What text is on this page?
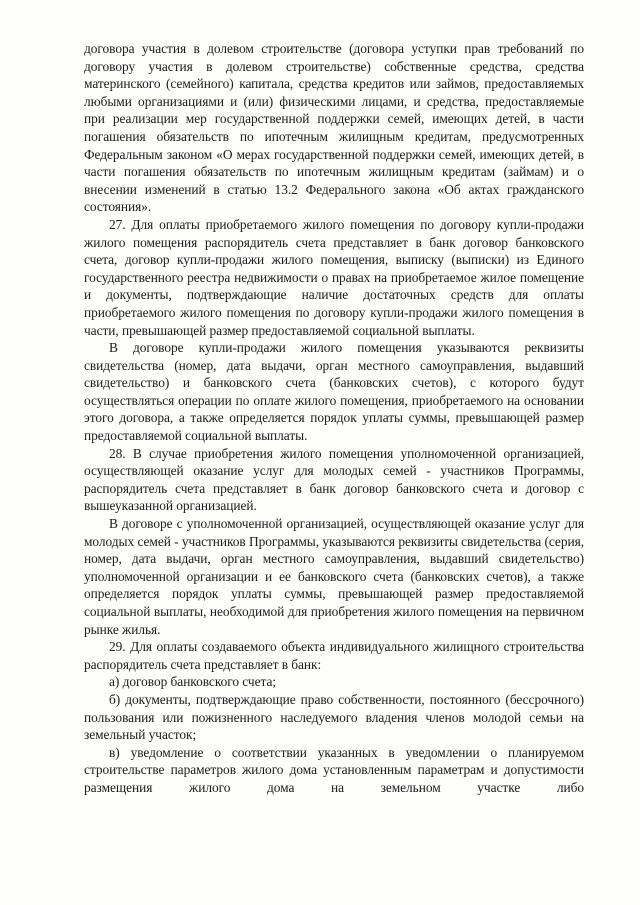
договора участия в долевом строительстве (договора уступки прав требований по договору участия в долевом строительстве) собственные средства, средства материнского (семейного) капитала, средства кредитов или займов, предоставляемых любыми организациями и (или) физическими лицами, и средства, предоставляемые при реализации мер государственной поддержки семей, имеющих детей, в части погашения обязательств по ипотечным жилищным кредитам, предусмотренных Федеральным законом «О мерах государственной поддержки семей, имеющих детей, в части погашения обязательств по ипотечным жилищным кредитам (займам) и о внесении изменений в статью 13.2 Федерального закона «Об актах гражданского состояния».

27. Для оплаты приобретаемого жилого помещения по договору купли-продажи жилого помещения распорядитель счета представляет в банк договор банковского счета, договор купли-продажи жилого помещения, выписку (выписки) из Единого государственного реестра недвижимости о правах на приобретаемое жилое помещение и документы, подтверждающие наличие достаточных средств для оплаты приобретаемого жилого помещения по договору купли-продажи жилого помещения в части, превышающей размер предоставляемой социальной выплаты.

В договоре купли-продажи жилого помещения указываются реквизиты свидетельства (номер, дата выдачи, орган местного самоуправления, выдавший свидетельство) и банковского счета (банковских счетов), с которого будут осуществляться операции по оплате жилого помещения, приобретаемого на основании этого договора, а также определяется порядок уплаты суммы, превышающей размер предоставляемой социальной выплаты.

28. В случае приобретения жилого помещения уполномоченной организацией, осуществляющей оказание услуг для молодых семей - участников Программы, распорядитель счета представляет в банк договор банковского счета и договор с вышеуказанной организацией.

В договоре с уполномоченной организацией, осуществляющей оказание услуг для молодых семей - участников Программы, указываются реквизиты свидетельства (серия, номер, дата выдачи, орган местного самоуправления, выдавший свидетельство) уполномоченной организации и ее банковского счета (банковских счетов), а также определяется порядок уплаты суммы, превышающей размер предоставляемой социальной выплаты, необходимой для приобретения жилого помещения на первичном рынке жилья.

29. Для оплаты создаваемого объекта индивидуального жилищного строительства распорядитель счета представляет в банк:

а) договор банковского счета;

б) документы, подтверждающие право собственности, постоянного (бессрочного) пользования или пожизненного наследуемого владения членов молодой семьи на земельный участок;

в) уведомление о соответствии указанных в уведомлении о планируемом строительстве параметров жилого дома установленным параметрам и допустимости размещения жилого дома на земельном участке либо
